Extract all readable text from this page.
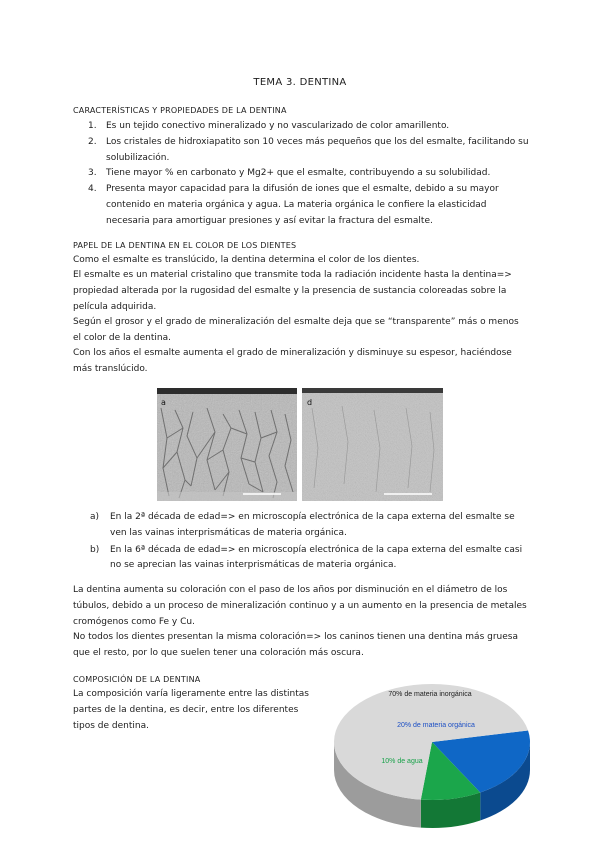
TEMA 3. DENTINA
CARACTERÍSTICAS Y PROPIEDADES DE LA DENTINA
1. Es un tejido conectivo mineralizado y no vascularizado de color amarillento.
2. Los cristales de hidroxiapatito son 10 veces más pequeños que los del esmalte, facilitando su solubilización.
3. Tiene mayor % en carbonato y Mg2+ que el esmalte, contribuyendo a su solubilidad.
4. Presenta mayor capacidad para la difusión de iones que el esmalte, debido a su mayor contenido en materia orgánica y agua. La materia orgánica le confiere la elasticidad necesaria para amortiguar presiones y así evitar la fractura del esmalte.
PAPEL DE LA DENTINA EN EL COLOR DE LOS DIENTES
Como el esmalte es translúcido, la dentina determina el color de los dientes.
El esmalte es un material cristalino que transmite toda la radiación incidente hasta la dentina=> propiedad alterada por la rugosidad del esmalte y la presencia de sustancia coloreadas sobre la película adquirida.
Según el grosor y el grado de mineralización del esmalte deja que se “transparente” más o menos el color de la dentina.
Con los años el esmalte aumenta el grado de mineralización y disminuye su espesor, haciéndose más translúcido.
a	d
a) En la 2ª década de edad=> en microscopía electrónica de la capa externa del esmalte se ven las vainas interprismáticas de materia orgánica.
b) En la 6ª década de edad=> en microscopía electrónica de la capa externa del esmalte casi no se aprecian las vainas interprismáticas de materia orgánica.
La dentina aumenta su coloración con el paso de los años por disminución en el diámetro de los túbulos, debido a un proceso de mineralización continuo y a un aumento en la presencia de metales cromógenos como Fe y Cu.
No todos los dientes presentan la misma coloración=> los caninos tienen una dentina más gruesa que el resto, por lo que suelen tener una coloración más oscura.
COMPOSICIÓN DE LA DENTINA
La composición varía ligeramente entre las distintas partes de la dentina, es decir, entre los diferentes tipos de dentina.
70% de materia inorgánica
20% de materia orgánica
10% de agua
